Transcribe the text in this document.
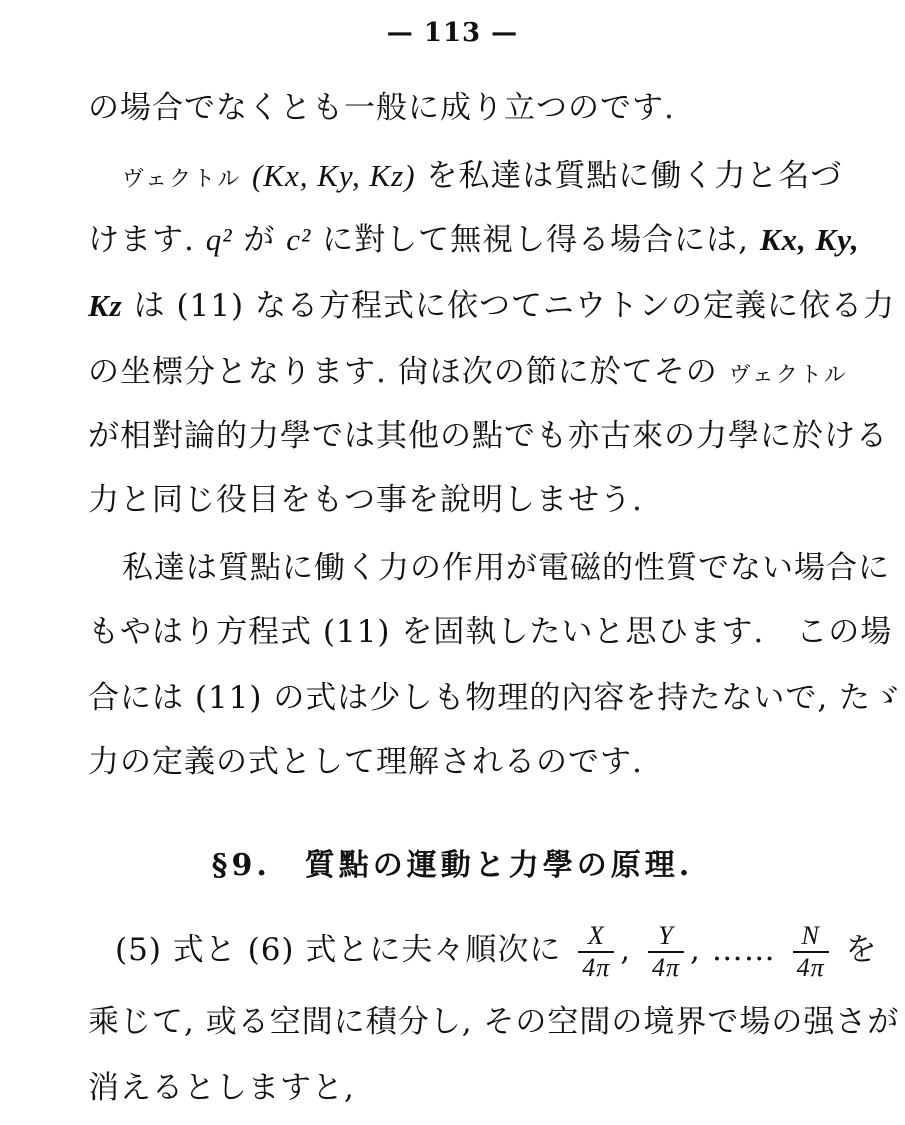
— 113 —
の場合でなくとも一般に成り立つのです.
ヴェクトル (Kx, Ky, Kz) を私達は質點に働く力と名づ
けます. q² が c² に對して無視し得る場合には, Kx, Ky,
Kz は (11) なる方程式に依つてニウトンの定義に依る力
の坐標分となります. 尙ほ次の節に於てその ヴェクトル
が相對論的力學では其他の點でも亦古來の力學に於ける
力と同じ役目をもつ事を說明しませう.
私達は質點に働く力の作用が電磁的性質でない場合に
もやはり方程式 (11) を固執したいと思ひます.　この場
合には (11) の式は少しも物理的內容を持たないで, たゞ
力の定義の式として理解されるのです.
§9.　質點の運動と力學の原理.
(5) 式と (6) 式とに夫々順次に $\frac{X}{4\pi}$ , $\frac{Y}{4\pi}$ , …… $\frac{N}{4\pi}$ を
乘じて, 或る空間に積分し, その空間の境界で場の强さが
消えるとしますと,
